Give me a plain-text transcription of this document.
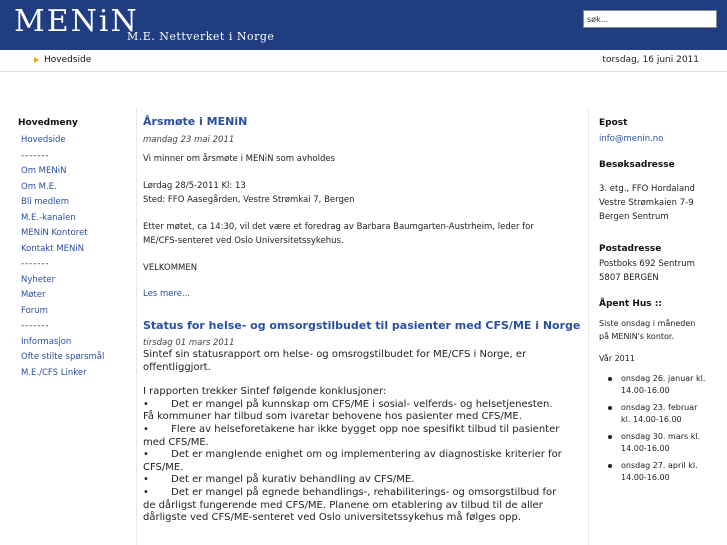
MENiN
M.E. Nettverket i Norge
søk...
Hovedside	torsdag, 16 juni 2011
Hovedmeny
Hovedside
-------
Om MENiN
Om M.E.
Bli medlem
M.E.-kanalen
MENiN Kontoret
Kontakt MENiN
-------
Nyheter
Møter
Forum
-------
Informasjon
Ofte stilte spørsmål
M.E./CFS Linker
Årsmøte i MENiN
mandag 23 mai 2011
Vi minner om årsmøte i MENiN som avholdes
Lørdag 28/5-2011 Kl: 13
Sted: FFO Aasegården, Vestre Strømkai 7, Bergen
Etter møtet, ca 14:30, vil det være et foredrag av Barbara Baumgarten-Austrheim, leder for
ME/CFS-senteret ved Oslo Universitetssykehus.
VELKOMMEN
Les mere...
Status for helse- og omsorgstilbudet til pasienter med CFS/ME i Norge
tirsdag 01 mars 2011
Sintef sin statusrapport om helse- og omsrogstilbudet for ME/CFS i Norge, er
offentliggjort.
I rapporten trekker Sintef følgende konklusjoner:
•       Det er mangel på kunnskap om CFS/ME i sosial- velferds- og helsetjenesten.
Få kommuner har tilbud som ivaretar behovene hos pasienter med CFS/ME.
•       Flere av helseforetakene har ikke bygget opp noe spesifikt tilbud til pasienter
med CFS/ME.
•       Det er manglende enighet om og implementering av diagnostiske kriterier for
CFS/ME.
•       Det er mangel på kurativ behandling av CFS/ME.
•       Det er mangel på egnede behandlings-, rehabiliterings- og omsorgstilbud for
de dårligst fungerende med CFS/ME. Planene om etablering av tilbud til de aller
dårligste ved CFS/ME-senteret ved Oslo universitetssykehus må følges opp.
Epost
info@menin.no
Besøksadresse
3. etg., FFO Hordaland
Vestre Strømkaien 7-9
Bergen Sentrum
Postadresse
Postboks 692 Sentrum
5807 BERGEN
Åpent Hus ::
Siste onsdag i måneden
på MENiN's kontor.
Vår 2011
onsdag 26. januar kl. 14.00-16.00
onsdag 23. februar kl. 14.00-16.00
onsdag 30. mars kl. 14.00-16.00
onsdag 27. april kl. 14.00-16.00
